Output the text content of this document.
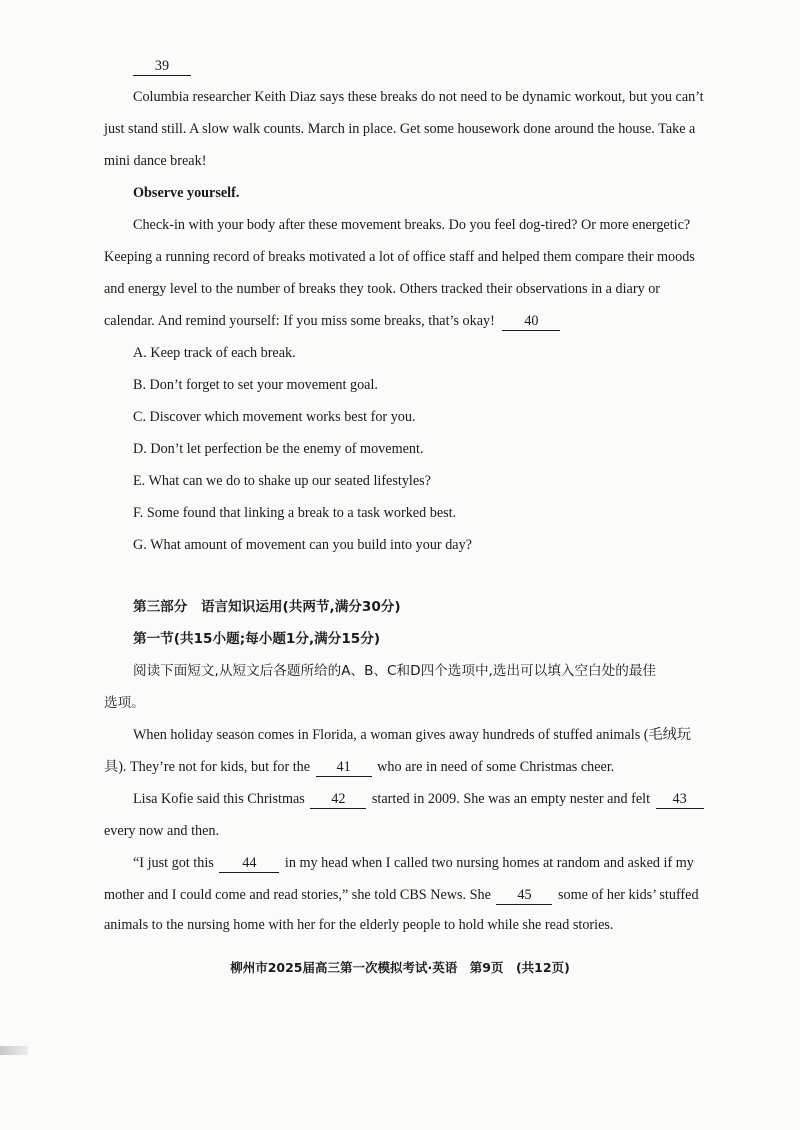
39
Columbia researcher Keith Diaz says these breaks do not need to be dynamic workout, but you can’t
just stand still. A slow walk counts. March in place. Get some housework done around the house. Take a
mini dance break!
Observe yourself.
Check-in with your body after these movement breaks. Do you feel dog-tired? Or more energetic?
Keeping a running record of breaks motivated a lot of office staff and helped them compare their moods
and energy level to the number of breaks they took. Others tracked their observations in a diary or
calendar. And remind yourself: If you miss some breaks, that’s okay! 40
A. Keep track of each break.
B. Don’t forget to set your movement goal.
C. Discover which movement works best for you.
D. Don’t let perfection be the enemy of movement.
E. What can we do to shake up our seated lifestyles?
F. Some found that linking a break to a task worked best.
G. What amount of movement can you build into your day?
第三部分　语言知识运用(共两节,满分30分)
第一节(共15小题;每小题1分,满分15分)
阅读下面短文,从短文后各题所给的A、B、C和D四个选项中,选出可以填入空白处的最佳
选项。
When holiday season comes in Florida, a woman gives away hundreds of stuffed animals (毛绒玩
具). They’re not for kids, but for the 41 who are in need of some Christmas cheer.
Lisa Kofie said this Christmas 42 started in 2009. She was an empty nester and felt 43
every now and then.
“I just got this 44 in my head when I called two nursing homes at random and asked if my
mother and I could come and read stories,” she told CBS News. She 45 some of her kids’ stuffed
animals to the nursing home with her for the elderly people to hold while she read stories.
柳州市2025届高三第一次模拟考试·英语　第9页　(共12页)
